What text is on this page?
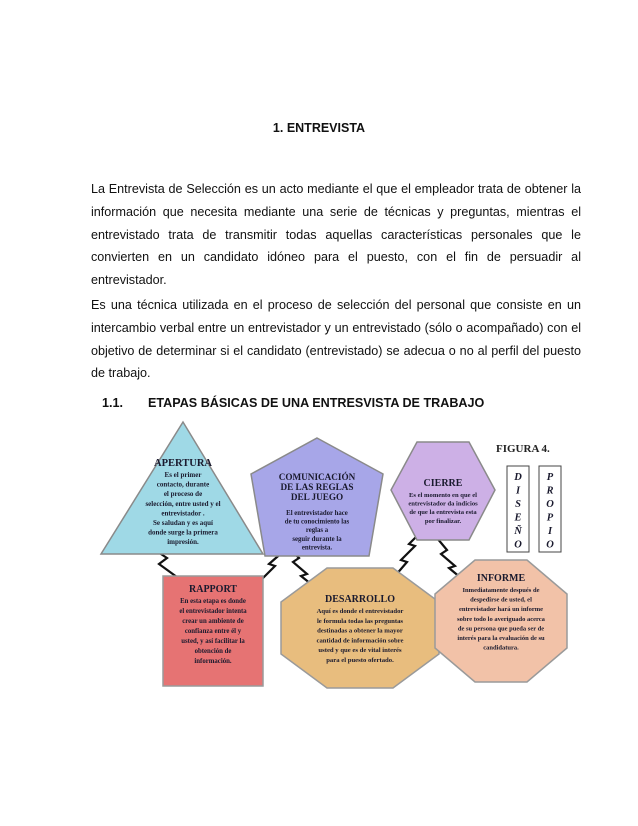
1. ENTREVISTA

La Entrevista de Selección es un acto mediante el que el empleador trata de obtener la información que necesita mediante una serie de técnicas y preguntas, mientras el entrevistado trata de transmitir todas aquellas características personales que le convierten en un candidato idóneo para el puesto, con el fin de persuadir al entrevistador.

Es una técnica utilizada en el proceso de selección del personal que consiste en un intercambio verbal entre un entrevistador y un entrevistado (sólo o acompañado) con el objetivo de determinar si el candidato (entrevistado) se adecua o no al perfil del puesto de trabajo.

1.1. ETAPAS BÁSICAS DE UNA ENTRESVISTA DE TRABAJO
APERTURA
Es el primer
contacto, durante
el proceso de
selección, entre usted y el
entrevistador .
Se saludan y es aquí
donde surge la primera
impresión.
COMUNICACIÓN
DE LAS REGLAS
DEL JUEGO
El entrevistador hace
de tu conocimiento las
reglas a
seguir durante la
entrevista.
CIERRE
Es el momento en que el
entrevistador da indicios
de que la entrevista esta
por finalizar.
FIGURA 4.
D
I
S
E
Ñ
O
P
R
O
P
I
O
RAPPORT
En esta etapa es donde
el entrevistador intenta
crear un ambiente de
confianza entre él y
usted, y así facilitar la
obtención de
información.
DESARROLLO
Aquí es donde el entrevistador
le formula todas las preguntas
destinadas a obtener la mayor
cantidad de información sobre
usted y que es de vital interés
para el puesto ofertado.
INFORME
Inmediatamente después de
despedirse de usted, el
entrevistador hará un informe
sobre todo lo averiguado acerca
de su persona que pueda ser de
interés para la evaluación de su
candidatura.
